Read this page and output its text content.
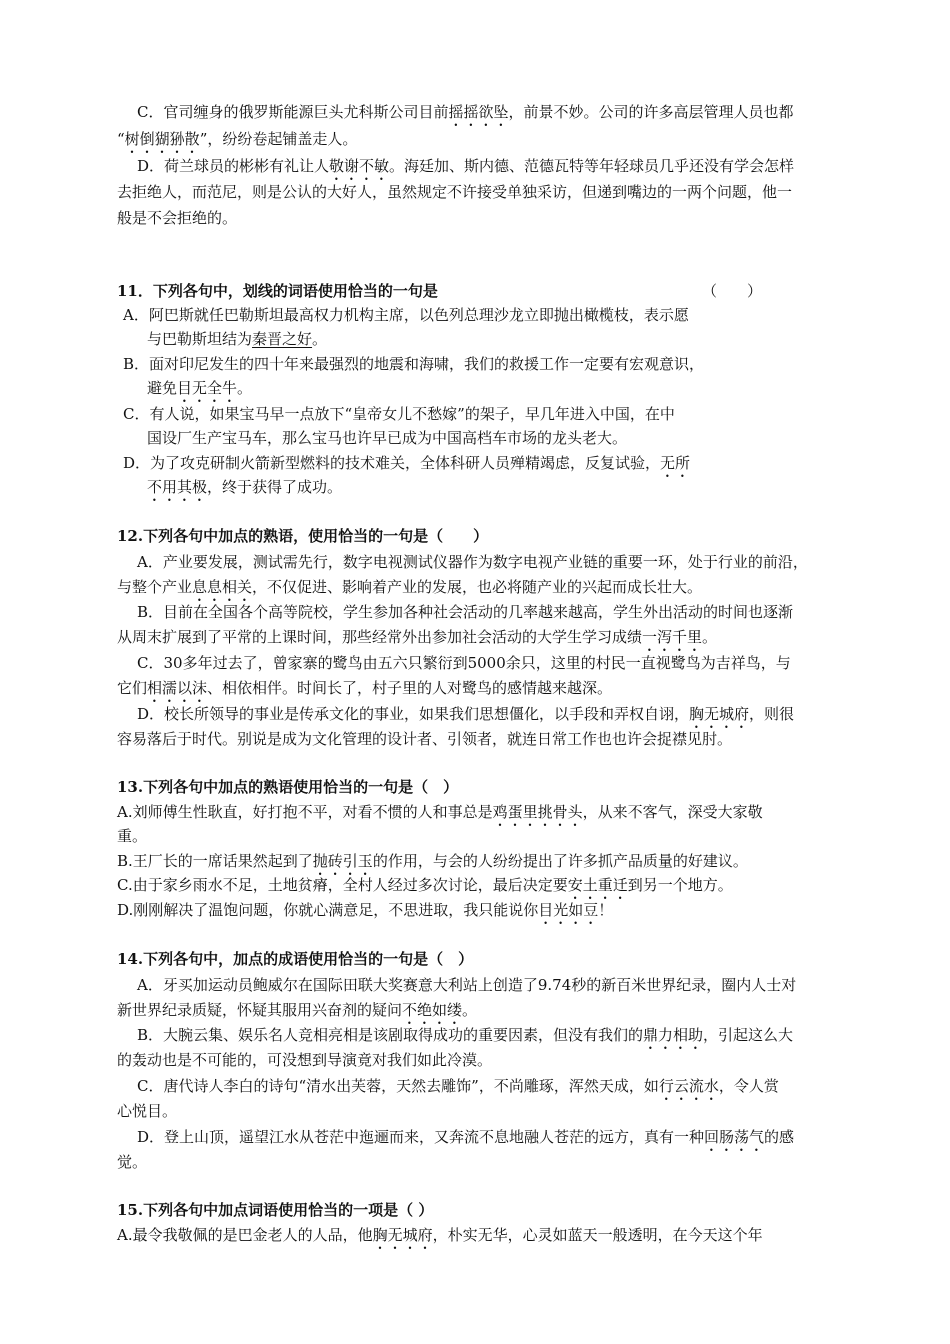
C．官司缠身的俄罗斯能源巨头尤科斯公司目前摇摇欲坠，前景不妙。公司的许多高层管理人员也都
“树倒猢狲散”，纷纷卷起铺盖走人。
D．荷兰球员的彬彬有礼让人敬谢不敏。海廷加、斯内德、范德瓦特等年轻球员几乎还没有学会怎样
去拒绝人，而范尼，则是公认的大好人，虽然规定不许接受单独采访，但递到嘴边的一两个问题，他一
般是不会拒绝的。
11．下列各句中，划线的词语使用恰当的一句是	（　　）
A．阿巴斯就任巴勒斯坦最高权力机构主席，以色列总理沙龙立即抛出橄榄枝，表示愿
与巴勒斯坦结为秦晋之好。
B．面对印尼发生的四十年来最强烈的地震和海啸，我们的救援工作一定要有宏观意识，
避免目无全牛。
C．有人说，如果宝马早一点放下“皇帝女儿不愁嫁”的架子，早几年进入中国，在中
国设厂生产宝马车，那么宝马也许早已成为中国高档车市场的龙头老大。
D．为了攻克研制火箭新型燃料的技术难关，全体科研人员殚精竭虑，反复试验，无所
不用其极，终于获得了成功。
12.下列各句中加点的熟语，使用恰当的一句是（　　）
A．产业要发展，测试需先行，数字电视测试仪器作为数字电视产业链的重要一环，处于行业的前沿，
与整个产业息息相关，不仅促进、影响着产业的发展，也必将随产业的兴起而成长壮大。
B．目前在全国各个高等院校，学生参加各种社会活动的几率越来越高，学生外出活动的时间也逐渐
从周末扩展到了平常的上课时间，那些经常外出参加社会活动的大学生学习成绩一泻千里。
C．30多年过去了，曾家寨的鹭鸟由五六只繁衍到5000余只，这里的村民一直视鹭鸟为吉祥鸟，与
它们相濡以沫、相依相伴。时间长了，村子里的人对鹭鸟的感情越来越深。
D．校长所领导的事业是传承文化的事业，如果我们思想僵化，以手段和弄权自诩，胸无城府，则很
容易落后于时代。别说是成为文化管理的设计者、引领者，就连日常工作也也许会捉襟见肘。
13.下列各句中加点的熟语使用恰当的一句是（　）
A.刘师傅生性耿直，好打抱不平，对看不惯的人和事总是鸡蛋里挑骨头，从来不客气，深受大家敬
重。
B.王厂长的一席话果然起到了抛砖引玉的作用，与会的人纷纷提出了许多抓产品质量的好建议。
C.由于家乡雨水不足，土地贫瘠，全村人经过多次讨论，最后决定要安土重迁到另一个地方。
D.刚刚解决了温饱问题，你就心满意足，不思进取，我只能说你目光如豆！
14.下列各句中，加点的成语使用恰当的一句是（　）
A．牙买加运动员鲍威尔在国际田联大奖赛意大利站上创造了9.74秒的新百米世界纪录，圈内人士对
新世界纪录质疑，怀疑其服用兴奋剂的疑问不绝如缕。
B．大腕云集、娱乐名人竞相亮相是该剧取得成功的重要因素，但没有我们的鼎力相助，引起这么大
的轰动也是不可能的，可没想到导演竟对我们如此冷漠。
C．唐代诗人李白的诗句“清水出芙蓉，天然去雕饰”，不尚雕琢，浑然天成，如行云流水，令人赏
心悦目。
D．登上山顶，遥望江水从苍茫中迤逦而来，又奔流不息地融人苍茫的远方，真有一种回肠荡气的感
觉。
15.下列各句中加点词语使用恰当的一项是（ ）
A.最令我敬佩的是巴金老人的人品，他胸无城府，朴实无华，心灵如蓝天一般透明，在今天这个年
